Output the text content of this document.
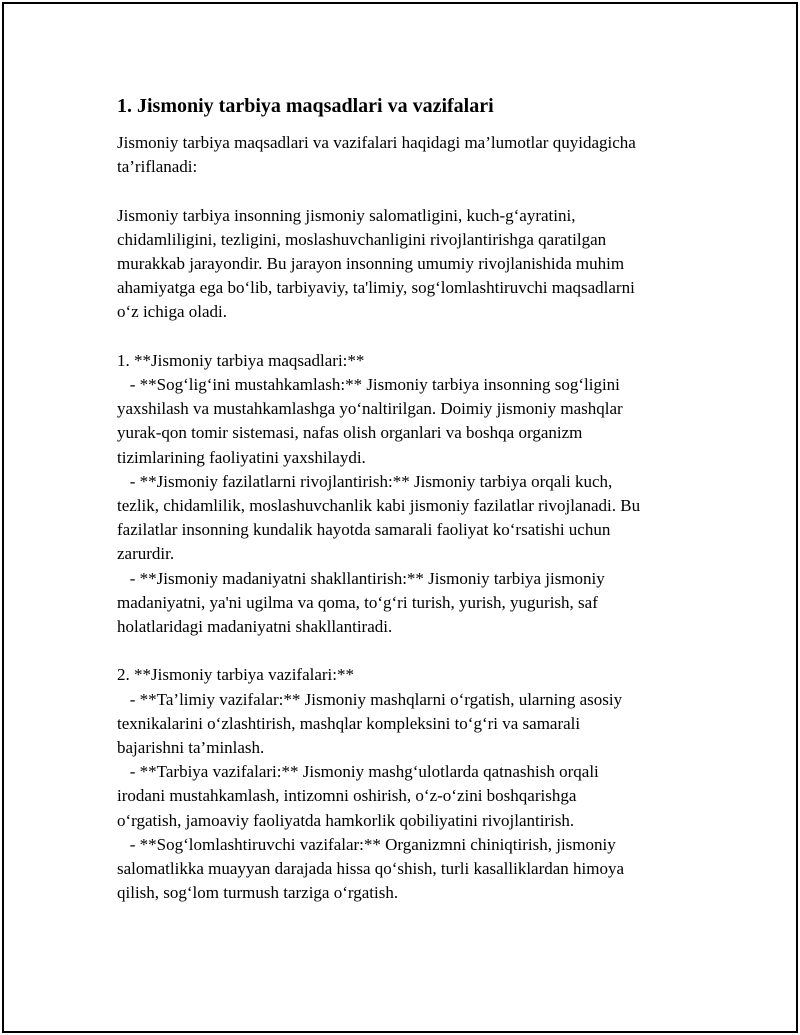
1. Jismoniy tarbiya maqsadlari va vazifalari

Jismoniy tarbiya maqsadlari va vazifalari haqidagi ma’lumotlar quyidagicha
ta’riflanadi:

Jismoniy tarbiya insonning jismoniy salomatligini, kuch-g‘ayratini,
chidamliligini, tezligini, moslashuvchanligini rivojlantirishga qaratilgan
murakkab jarayondir. Bu jarayon insonning umumiy rivojlanishida muhim
ahamiyatga ega bo‘lib, tarbiyaviy, ta'limiy, sog‘lomlashtiruvchi maqsadlarni
o‘z ichiga oladi.

1. **Jismoniy tarbiya maqsadlari:**
- **Sog‘lig‘ini mustahkamlash:** Jismoniy tarbiya insonning sog‘ligini
yaxshilash va mustahkamlashga yo‘naltirilgan. Doimiy jismoniy mashqlar
yurak-qon tomir sistemasi, nafas olish organlari va boshqa organizm
tizimlarining faoliyatini yaxshilaydi.
- **Jismoniy fazilatlarni rivojlantirish:** Jismoniy tarbiya orqali kuch,
tezlik, chidamlilik, moslashuvchanlik kabi jismoniy fazilatlar rivojlanadi. Bu
fazilatlar insonning kundalik hayotda samarali faoliyat ko‘rsatishi uchun
zarurdir.
- **Jismoniy madaniyatni shakllantirish:** Jismoniy tarbiya jismoniy
madaniyatni, ya'ni ugilma va qoma, to‘g‘ri turish, yurish, yugurish, saf
holatlaridagi madaniyatni shakllantiradi.

2. **Jismoniy tarbiya vazifalari:**
- **Ta’limiy vazifalar:** Jismoniy mashqlarni o‘rgatish, ularning asosiy
texnikalarini o‘zlashtirish, mashqlar kompleksini to‘g‘ri va samarali
bajarishni ta’minlash.
- **Tarbiya vazifalari:** Jismoniy mashg‘ulotlarda qatnashish orqali
irodani mustahkamlash, intizomni oshirish, o‘z-o‘zini boshqarishga
o‘rgatish, jamoaviy faoliyatda hamkorlik qobiliyatini rivojlantirish.
- **Sog‘lomlashtiruvchi vazifalar:** Organizmni chiniqtirish, jismoniy
salomatlikka muayyan darajada hissa qo‘shish, turli kasalliklardan himoya
qilish, sog‘lom turmush tarziga o‘rgatish.
